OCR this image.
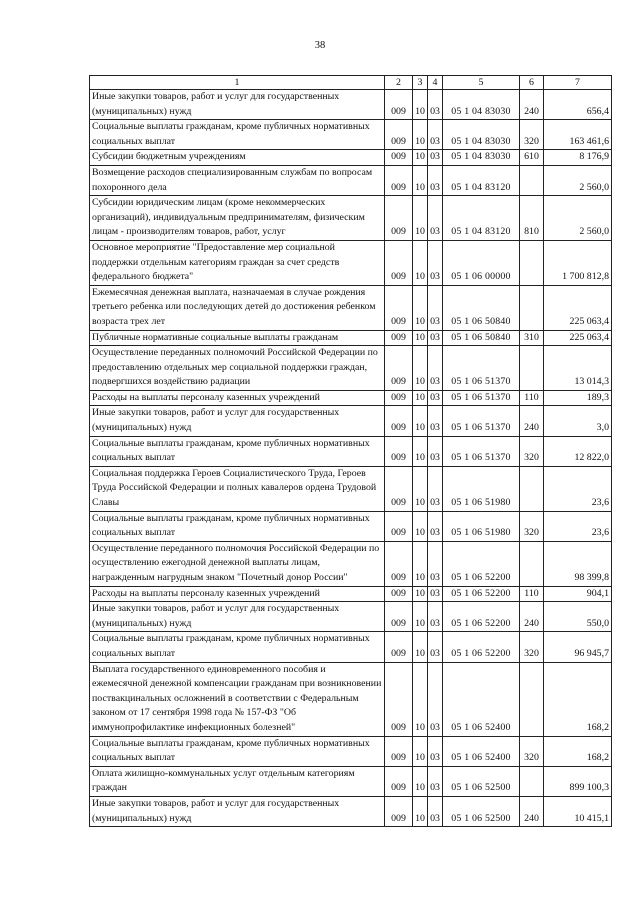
38
1	2	3	4	5	6	7
Иные закупки товаров, работ и услуг для государственных (муниципальных) нужд	009	10	03	05 1 04 83030	240	656,4
Социальные выплаты гражданам, кроме публичных нормативных социальных выплат	009	10	03	05 1 04 83030	320	163 461,6
Субсидии бюджетным учреждениям	009	10	03	05 1 04 83030	610	8 176,9
Возмещение расходов специализированным службам по вопросам похоронного дела	009	10	03	05 1 04 83120		2 560,0
Субсидии юридическим лицам (кроме некоммерческих организаций), индивидуальным предпринимателям, физическим лицам - производителям товаров, работ, услуг	009	10	03	05 1 04 83120	810	2 560,0
Основное мероприятие "Предоставление мер социальной поддержки отдельным категориям граждан за счет средств федерального бюджета"	009	10	03	05 1 06 00000		1 700 812,8
Ежемесячная денежная выплата, назначаемая в случае рождения третьего ребенка или последующих детей до достижения ребенком возраста трех лет	009	10	03	05 1 06 50840		225 063,4
Публичные нормативные социальные выплаты гражданам	009	10	03	05 1 06 50840	310	225 063,4
Осуществление переданных полномочий Российской Федерации по предоставлению отдельных мер социальной поддержки граждан, подвергшихся воздействию радиации	009	10	03	05 1 06 51370		13 014,3
Расходы на выплаты персоналу казенных учреждений	009	10	03	05 1 06 51370	110	189,3
Иные закупки товаров, работ и услуг для государственных (муниципальных) нужд	009	10	03	05 1 06 51370	240	3,0
Социальные выплаты гражданам, кроме публичных нормативных социальных выплат	009	10	03	05 1 06 51370	320	12 822,0
Социальная поддержка Героев Социалистического Труда, Героев Труда Российской Федерации и полных кавалеров ордена Трудовой Славы	009	10	03	05 1 06 51980		23,6
Социальные выплаты гражданам, кроме публичных нормативных социальных выплат	009	10	03	05 1 06 51980	320	23,6
Осуществление переданного полномочия Российской Федерации по осуществлению ежегодной денежной выплаты лицам, награжденным нагрудным знаком "Почетный донор России"	009	10	03	05 1 06 52200		98 399,8
Расходы на выплаты персоналу казенных учреждений	009	10	03	05 1 06 52200	110	904,1
Иные закупки товаров, работ и услуг для государственных (муниципальных) нужд	009	10	03	05 1 06 52200	240	550,0
Социальные выплаты гражданам, кроме публичных нормативных социальных выплат	009	10	03	05 1 06 52200	320	96 945,7
Выплата государственного единовременного пособия и ежемесячной денежной компенсации гражданам при возникновении поствакцинальных осложнений в соответствии с Федеральным законом от 17 сентября 1998 года № 157-ФЗ "Об иммунопрофилактике инфекционных болезней"	009	10	03	05 1 06 52400		168,2
Социальные выплаты гражданам, кроме публичных нормативных социальных выплат	009	10	03	05 1 06 52400	320	168,2
Оплата жилищно-коммунальных услуг отдельным категориям граждан	009	10	03	05 1 06 52500		899 100,3
Иные закупки товаров, работ и услуг для государственных (муниципальных) нужд	009	10	03	05 1 06 52500	240	10 415,1
